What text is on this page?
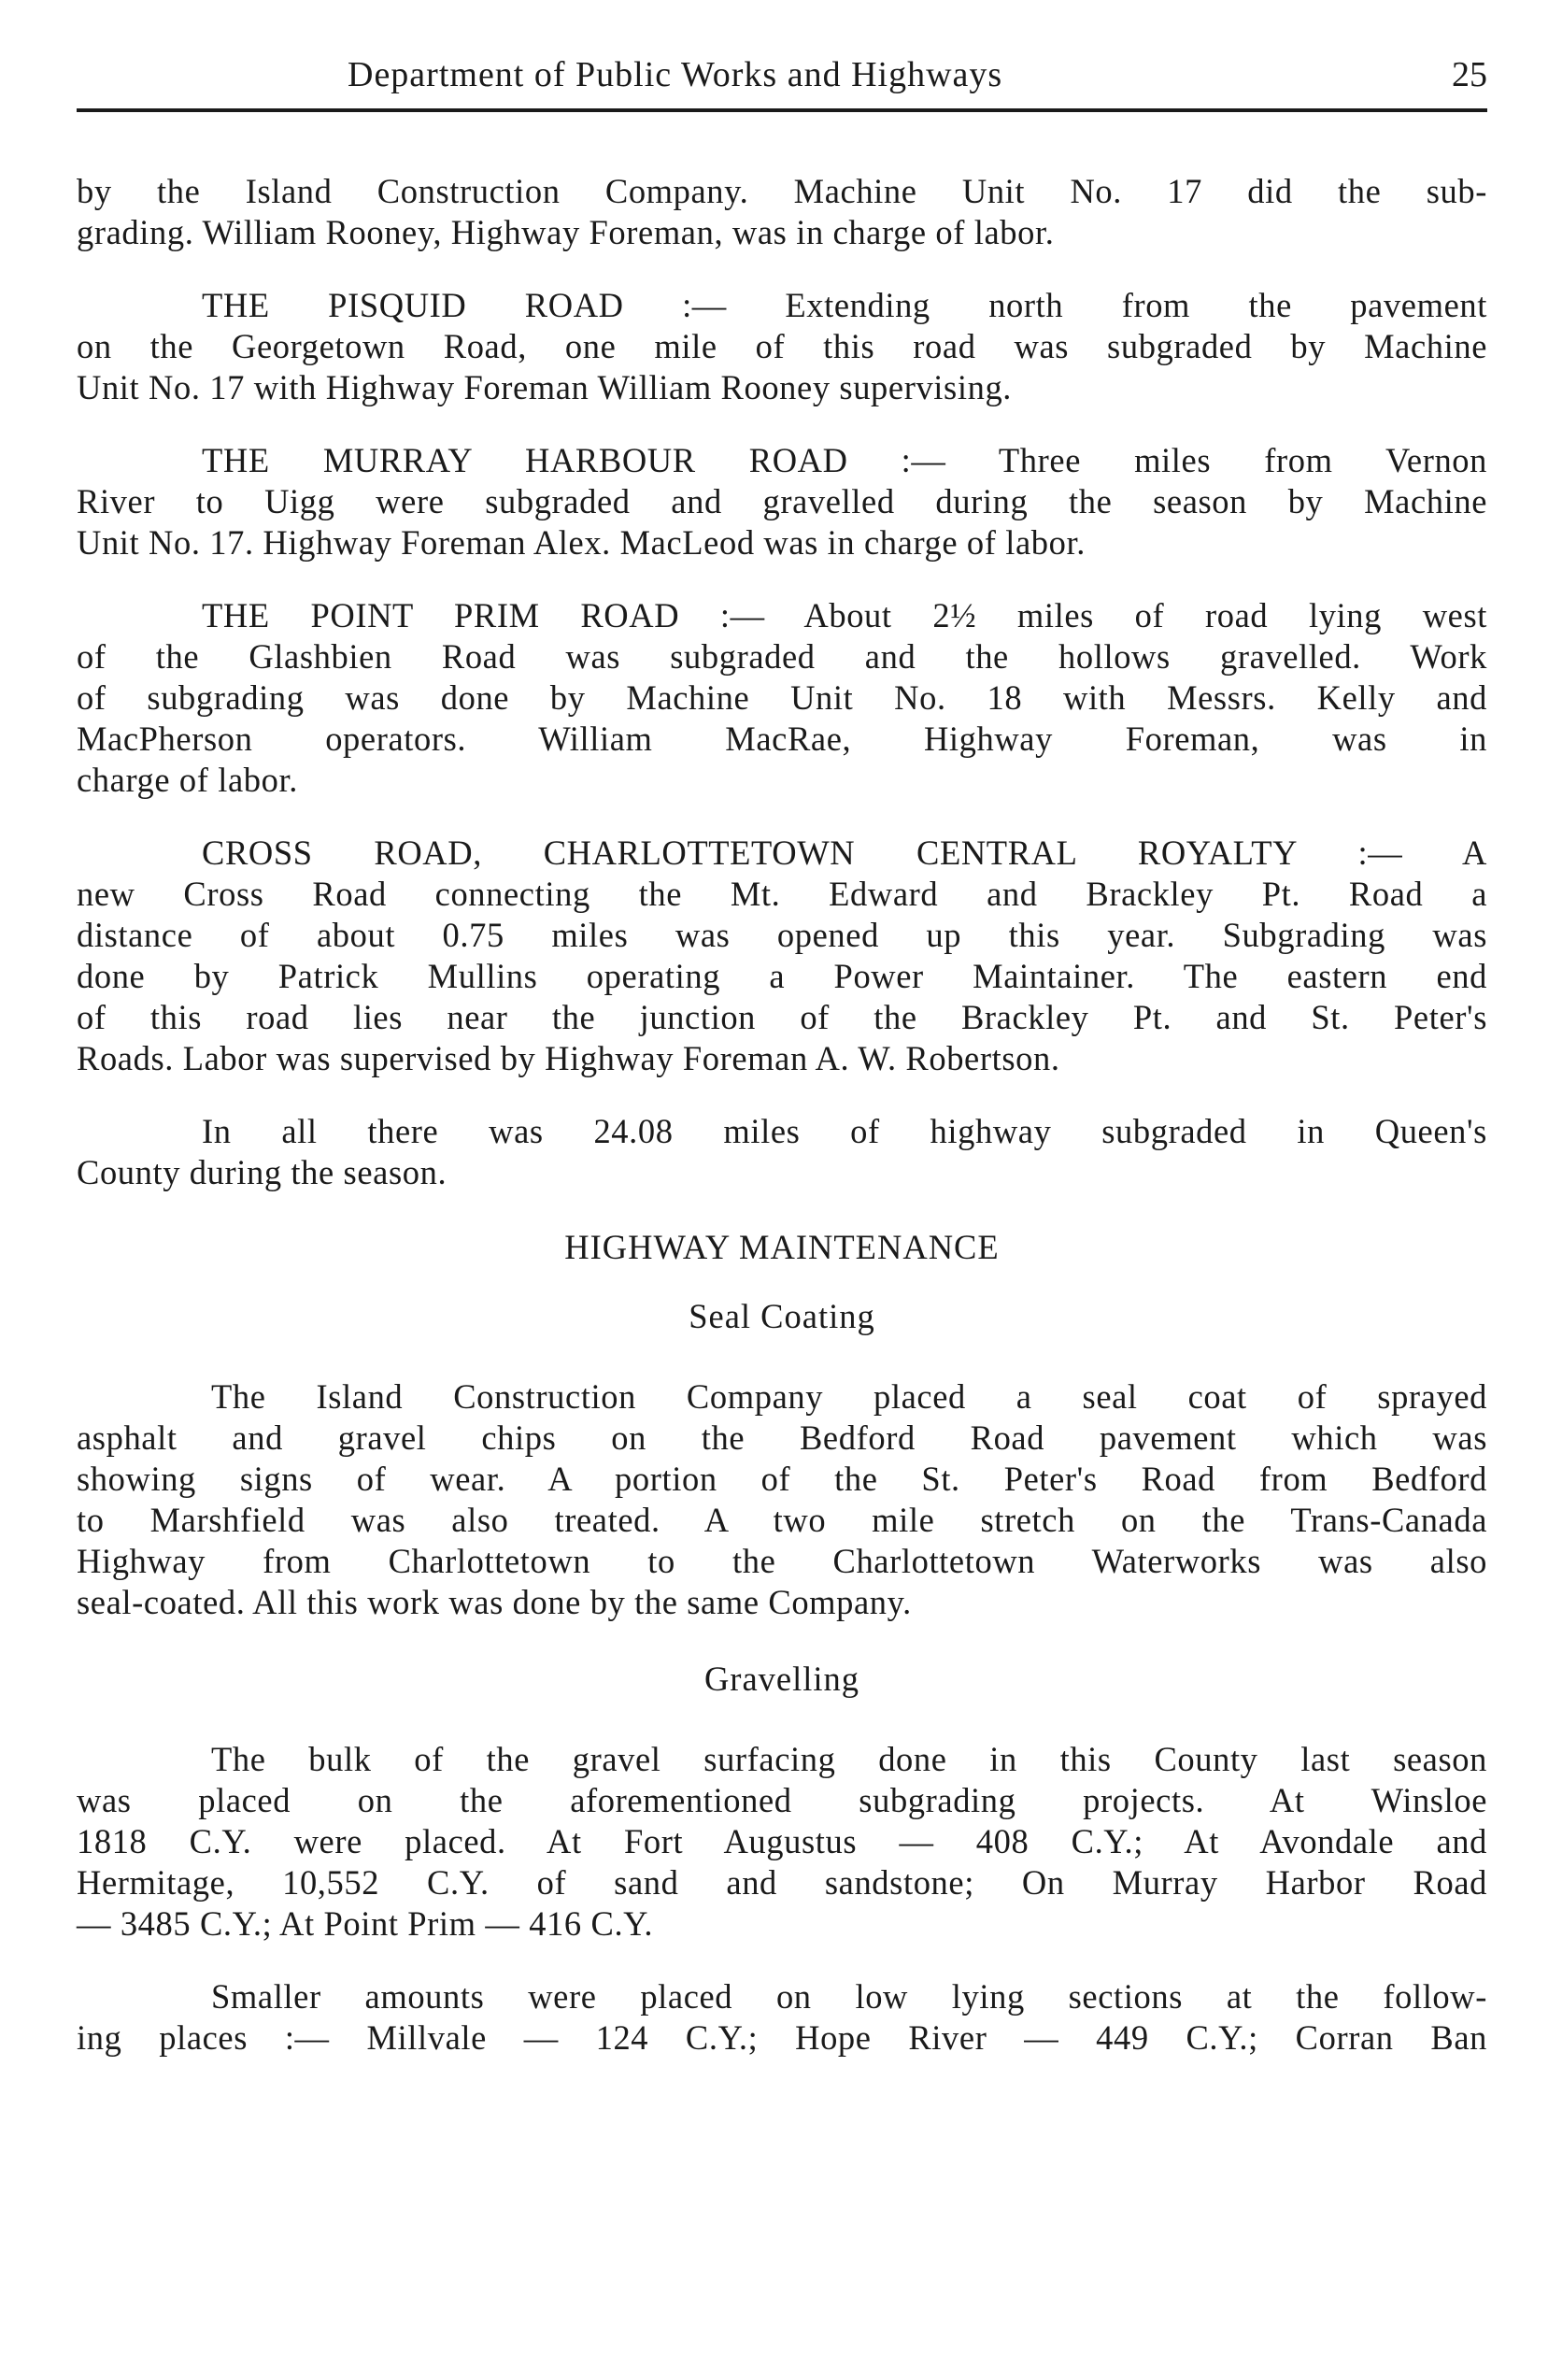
Department of Public Works and Highways	25
by the Island Construction Company. Machine Unit No. 17 did the sub-
grading. William Rooney, Highway Foreman, was in charge of labor.
THE PISQUID ROAD :— Extending north from the pavement
on the Georgetown Road, one mile of this road was subgraded by Machine
Unit No. 17 with Highway Foreman William Rooney supervising.
THE MURRAY HARBOUR ROAD :— Three miles from Vernon
River to Uigg were subgraded and gravelled during the season by Machine
Unit No. 17. Highway Foreman Alex. MacLeod was in charge of labor.
THE POINT PRIM ROAD :— About 2½ miles of road lying west
of the Glashbien Road was subgraded and the hollows gravelled. Work
of subgrading was done by Machine Unit No. 18 with Messrs. Kelly and
MacPherson operators. William MacRae, Highway Foreman, was in
charge of labor.
CROSS ROAD, CHARLOTTETOWN CENTRAL ROYALTY :— A
new Cross Road connecting the Mt. Edward and Brackley Pt. Road a
distance of about 0.75 miles was opened up this year. Subgrading was
done by Patrick Mullins operating a Power Maintainer. The eastern end
of this road lies near the junction of the Brackley Pt. and St. Peter's
Roads. Labor was supervised by Highway Foreman A. W. Robertson.
In all there was 24.08 miles of highway subgraded in Queen's
County during the season.
HIGHWAY MAINTENANCE
Seal Coating
The Island Construction Company placed a seal coat of sprayed
asphalt and gravel chips on the Bedford Road pavement which was
showing signs of wear. A portion of the St. Peter's Road from Bedford
to Marshfield was also treated. A two mile stretch on the Trans-Canada
Highway from Charlottetown to the Charlottetown Waterworks was also
seal-coated. All this work was done by the same Company.
Gravelling
The bulk of the gravel surfacing done in this County last season
was placed on the aforementioned subgrading projects. At Winsloe
1818 C.Y. were placed. At Fort Augustus — 408 C.Y.; At Avondale and
Hermitage, 10,552 C.Y. of sand and sandstone; On Murray Harbor Road
— 3485 C.Y.; At Point Prim — 416 C.Y.
Smaller amounts were placed on low lying sections at the follow-
ing places :— Millvale — 124 C.Y.; Hope River — 449 C.Y.; Corran Ban
